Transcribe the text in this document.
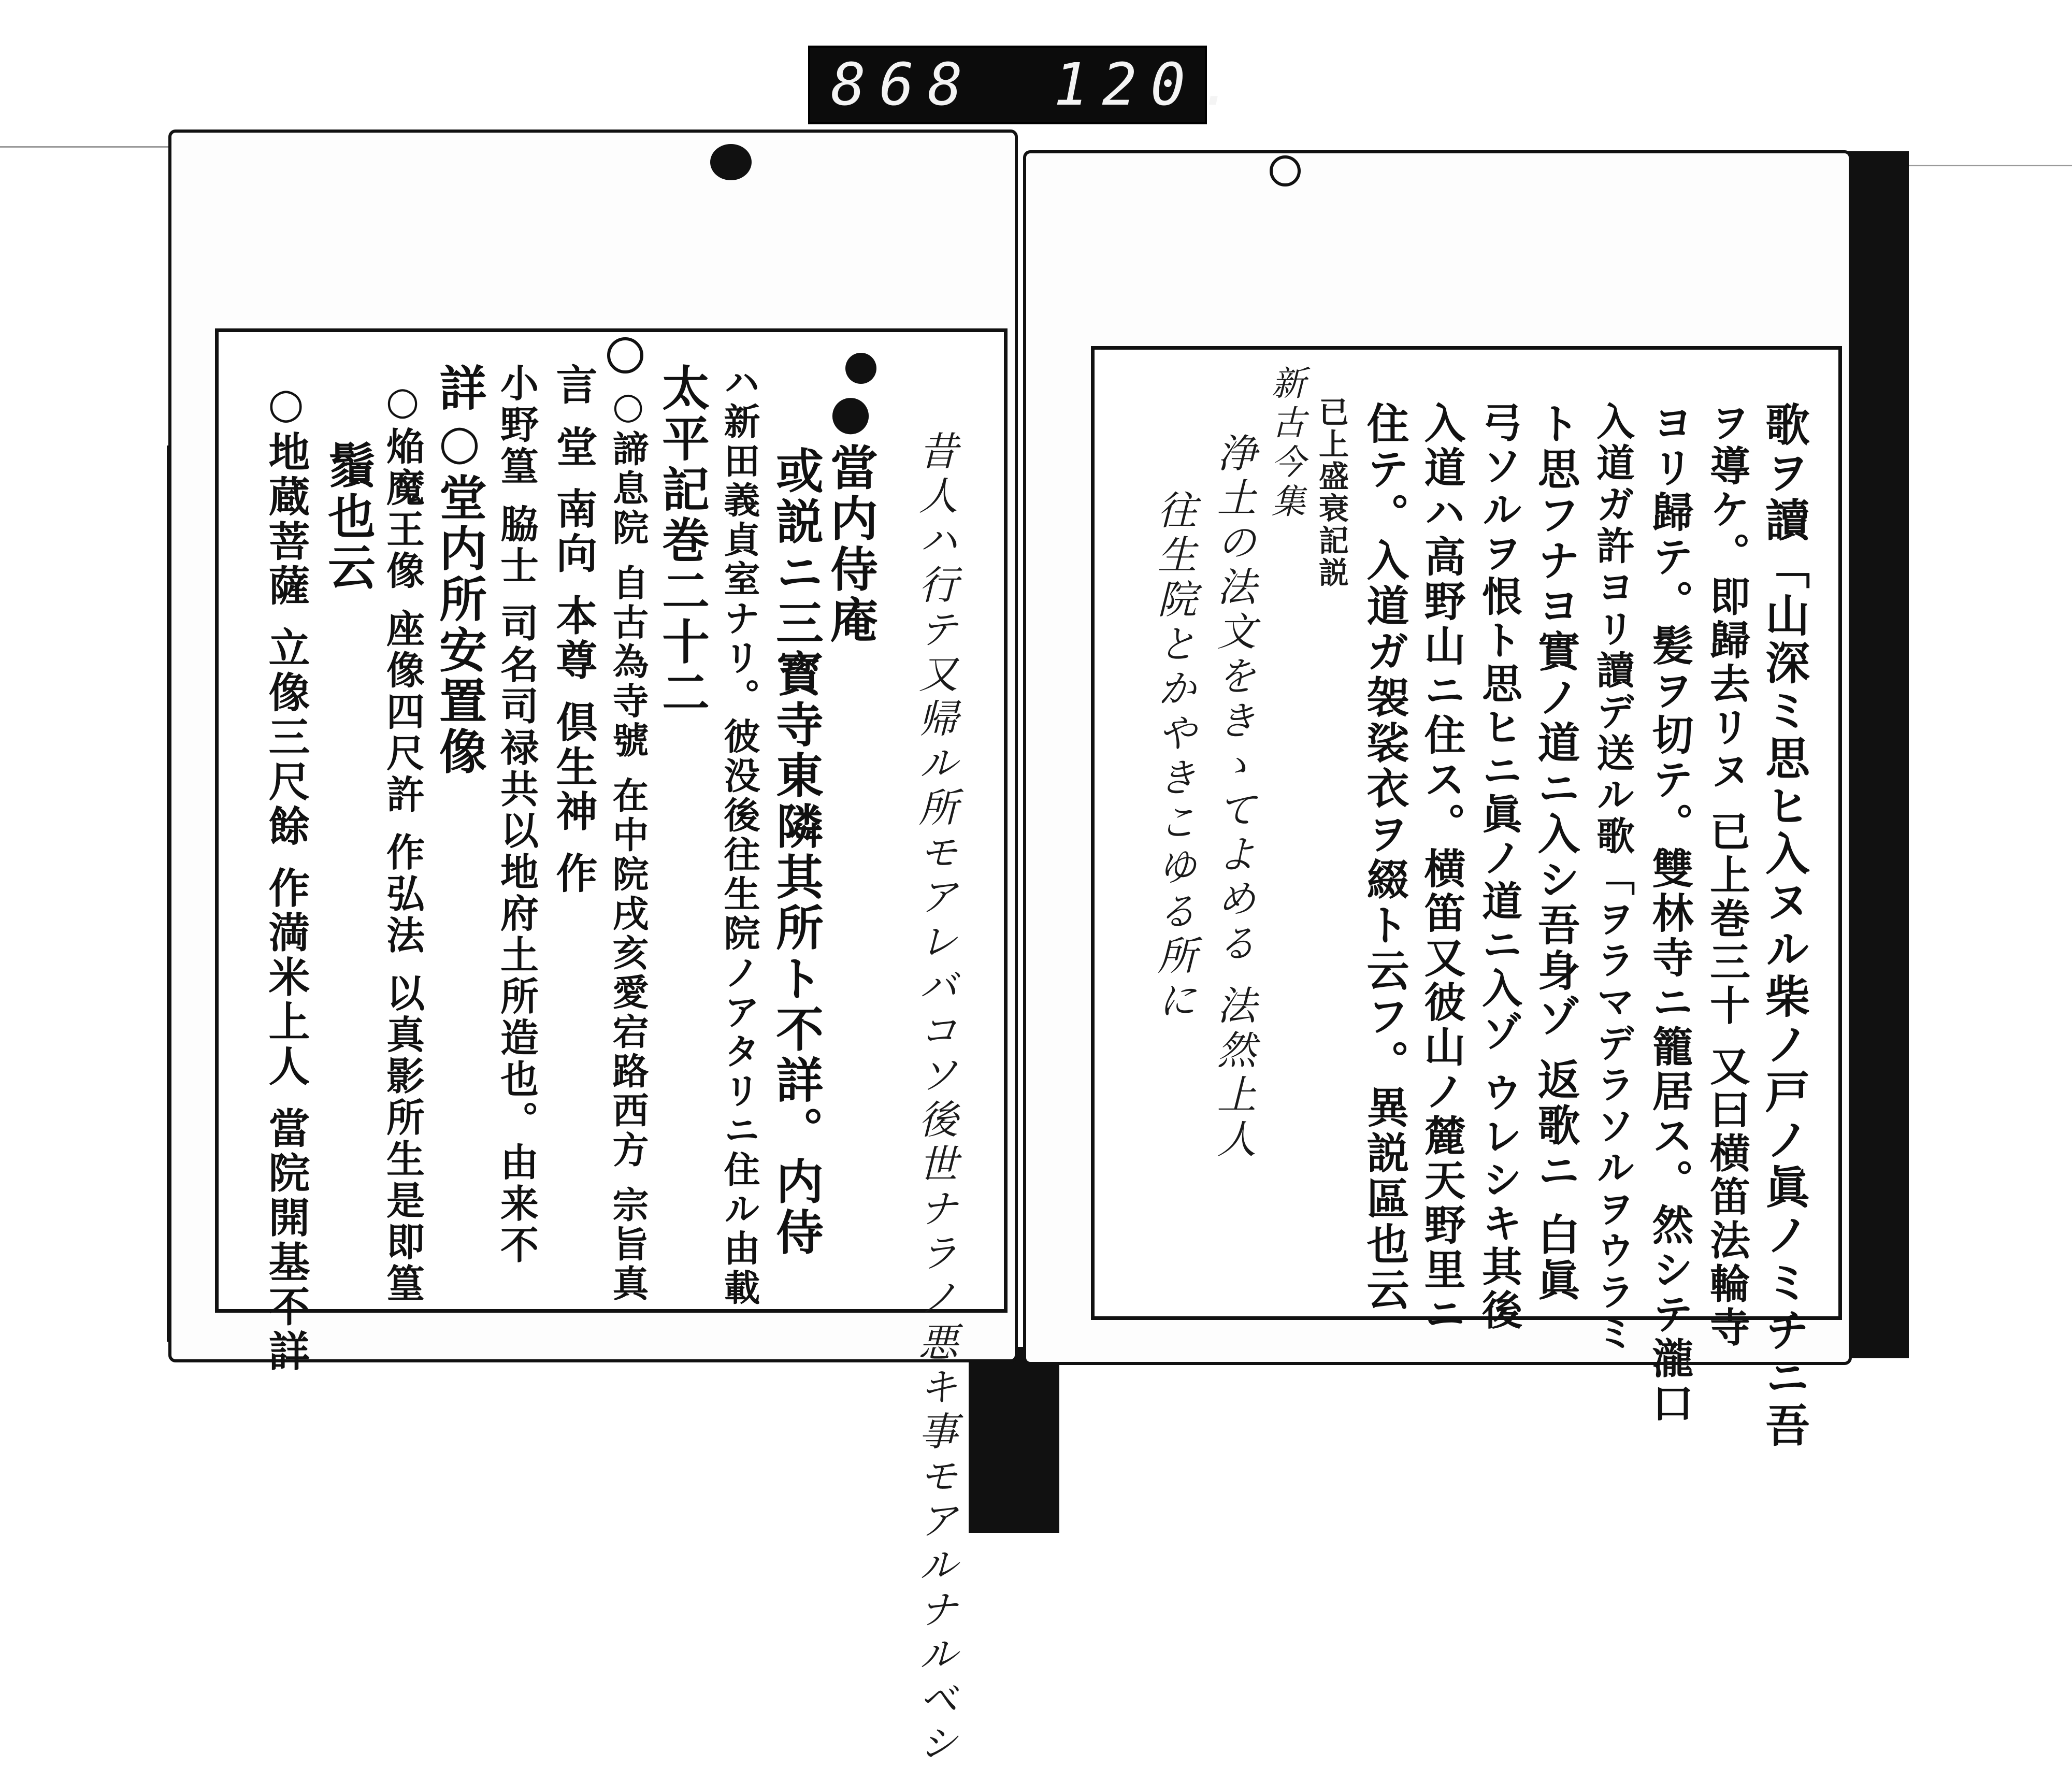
868 120.
昔人ハ行テ又帰ル所モアレバコソ後世ナラノ悪キ事モアルナルベシ
●當内侍庵
或説ニ三寳寺東隣其所ト不詳。内侍
ハ新田義貞室ナリ。彼没後往生院ノアタリニ住ル由載
太平記巻二十二
○諦息院 自古為寺號 在中院戌亥愛宕路西方 宗旨真
言 堂 南向 本尊 倶生神 作
小野篁 脇士 司名司禄共以地府土所造也。由来不
詳○堂内所安置像
○焔魔王像 座像四尺許 作弘法 以真影所生是即篁
鬚也云
○地蔵菩薩 立像三尺餘 作満米上人 當院開基不詳	歌ヲ讀「山深ミ思ヒ入ヌル柴ノ戸ノ眞ノミチニ吾
ヲ導ケ。即歸去リヌ 已上巻三十 又曰横笛法輪寺
ヨリ歸テ。髪ヲ切テ。雙林寺ニ籠居ス。然シテ瀧口
入道ガ許ヨリ讀デ送ル歌「ヲラマデラソルヲウラミ
ト思フナヨ實ノ道ニ入シ吾身ゾ 返歌ニ 白眞
弓ソルヲ恨ト思ヒニ眞ノ道ニ入ゾ ウレシキ其後
入道ハ高野山ニ住ス。横笛又彼山ノ麓天野里ニ
住テ。入道ガ袈裟衣ヲ綴ト云フ。異説區也云
已上盛衰記説
新古今集
浄土の法文をきゝてよめる 法然上人
往生院とかやきこゆる所に
